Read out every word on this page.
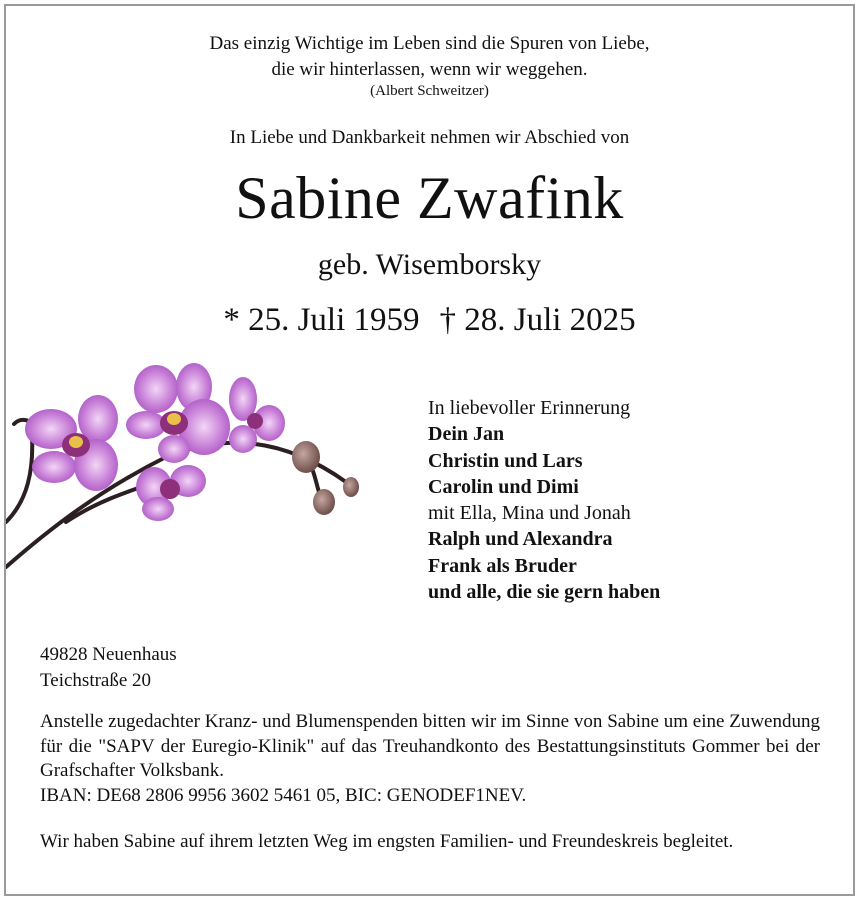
Das einzig Wichtige im Leben sind die Spuren von Liebe,
die wir hinterlassen, wenn wir weggehen.
(Albert Schweitzer)
In Liebe und Dankbarkeit nehmen wir Abschied von
Sabine Zwafink
geb. Wisemborsky
* 25. Juli 1959 † 28. Juli 2025
In liebevoller Erinnerung
Dein Jan
Christin und Lars
Carolin und Dimi
mit Ella, Mina und Jonah
Ralph und Alexandra
Frank als Bruder
und alle, die sie gern haben
49828 Neuenhaus
Teichstraße 20
Anstelle zugedachter Kranz- und Blumenspenden bitten wir im Sinne von Sabine um eine Zuwendung für die "SAPV der Euregio-Klinik" auf das Treuhandkonto des Bestattungsinstituts Gommer bei der Grafschafter Volksbank.
IBAN: DE68 2806 9956 3602 5461 05, BIC: GENODEF1NEV.
Wir haben Sabine auf ihrem letzten Weg im engsten Familien- und Freundeskreis begleitet.
